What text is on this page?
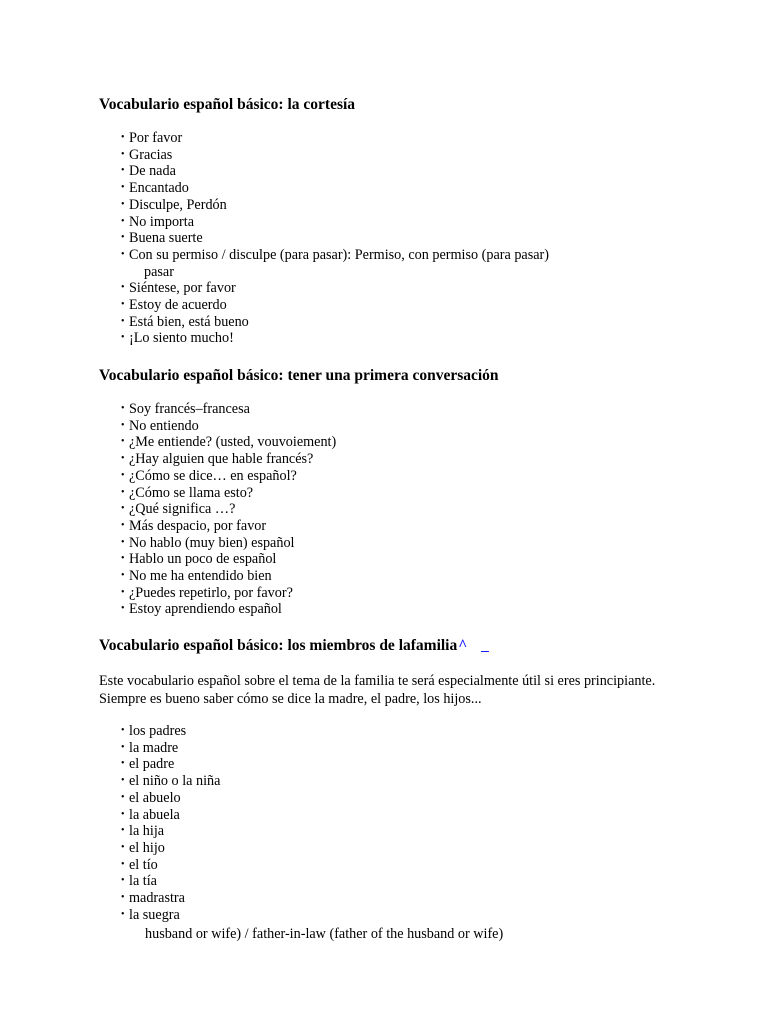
Vocabulario español básico: la cortesía
• Por favor
• Gracias
• De nada
• Encantado
• Disculpe, Perdón
• No importa
• Buena suerte
• Con su permiso / disculpe (para pasar): Permiso, con permiso (para pasar)
pasar
• Siéntese, por favor
• Estoy de acuerdo
• Está bien, está bueno
• ¡Lo siento mucho!
Vocabulario español básico: tener una primera conversación
• Soy francés–francesa
• No entiendo
• ¿Me entiende? (usted, vouvoiement)
• ¿Hay alguien que hable francés?
• ¿Cómo se dice… en español?
• ¿Cómo se llama esto?
• ¿Qué significa …?
• Más despacio, por favor
• No hablo (muy bien) español
• Hablo un poco de español
• No me ha entendido bien
• ¿Puedes repetirlo, por favor?
• Estoy aprendiendo español
Vocabulario español básico: los miembros de lafamilia^

Este vocabulario español sobre el tema de la familia te será especialmente útil si eres principiante. Siempre es bueno saber cómo se dice la madre, el padre, los hijos...

• los padres
• la madre
• el padre
• el niño o la niña
• el abuelo
• la abuela
• la hija
• el hijo
• el tío
• la tía
• madrastra
• la suegra
husband or wife) / father-in-law (father of the husband or wife)
